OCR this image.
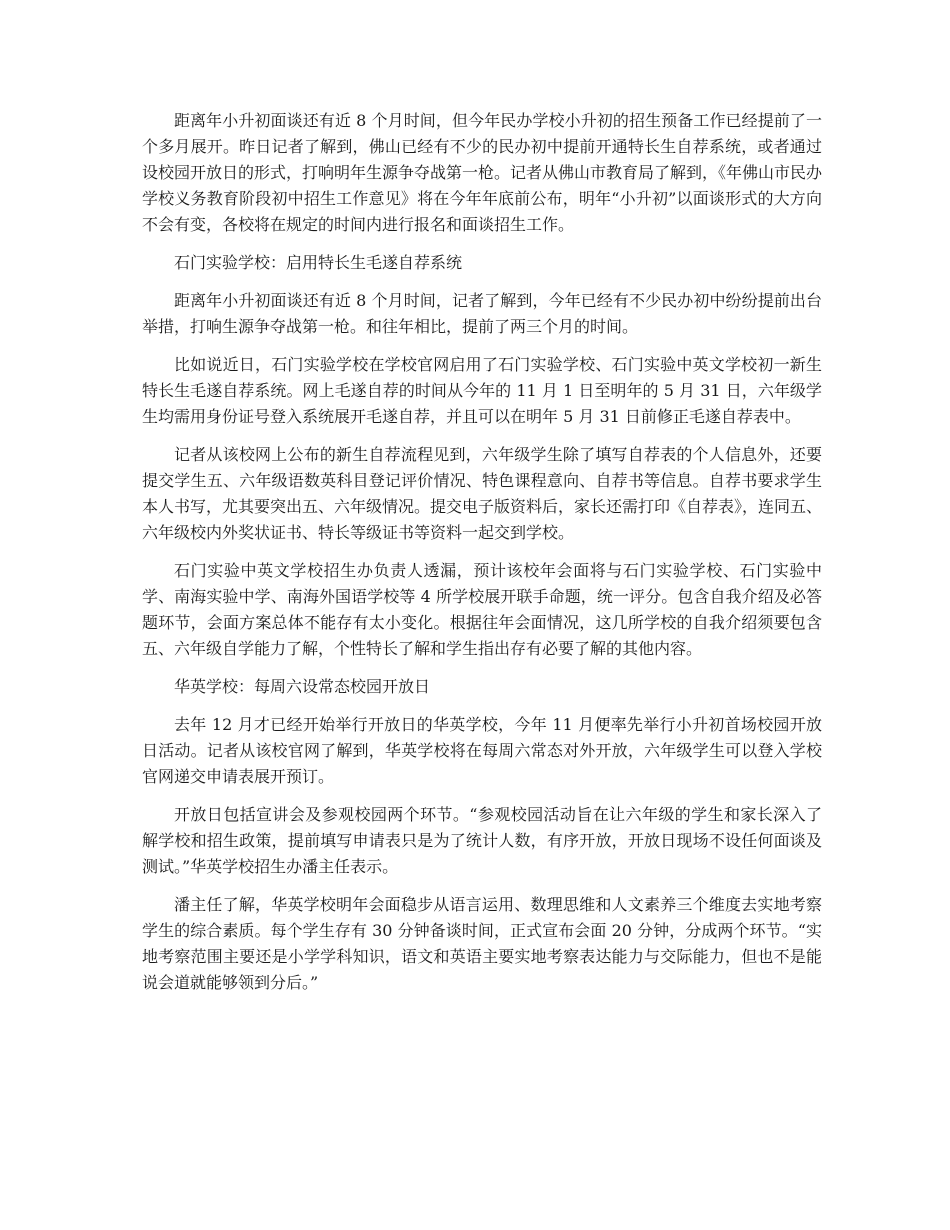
距离年小升初面谈还有近 8 个月时间，但今年民办学校小升初的招生预备工作已经提前了一个多月展开。昨日记者了解到，佛山已经有不少的民办初中提前开通特长生自荐系统，或者通过设校园开放日的形式，打响明年生源争夺战第一枪。记者从佛山市教育局了解到，《年佛山市民办学校义务教育阶段初中招生工作意见》将在今年年底前公布，明年“小升初”以面谈形式的大方向不会有变，各校将在规定的时间内进行报名和面谈招生工作。

石门实验学校：启用特长生毛遂自荐系统

距离年小升初面谈还有近 8 个月时间，记者了解到，今年已经有不少民办初中纷纷提前出台举措，打响生源争夺战第一枪。和往年相比，提前了两三个月的时间。

比如说近日，石门实验学校在学校官网启用了石门实验学校、石门实验中英文学校初一新生特长生毛遂自荐系统。网上毛遂自荐的时间从今年的 11 月 1 日至明年的 5 月 31 日，六年级学生均需用身份证号登入系统展开毛遂自荐，并且可以在明年 5 月 31 日前修正毛遂自荐表中。

记者从该校网上公布的新生自荐流程见到，六年级学生除了填写自荐表的个人信息外，还要提交学生五、六年级语数英科目登记评价情况、特色课程意向、自荐书等信息。自荐书要求学生本人书写，尤其要突出五、六年级情况。提交电子版资料后，家长还需打印《自荐表》，连同五、六年级校内外奖状证书、特长等级证书等资料一起交到学校。

石门实验中英文学校招生办负责人透漏，预计该校年会面将与石门实验学校、石门实验中学、南海实验中学、南海外国语学校等 4 所学校展开联手命题，统一评分。包含自我介绍及必答题环节，会面方案总体不能存有太小变化。根据往年会面情况，这几所学校的自我介绍须要包含五、六年级自学能力了解，个性特长了解和学生指出存有必要了解的其他内容。

华英学校：每周六设常态校园开放日

去年 12 月才已经开始举行开放日的华英学校，今年 11 月便率先举行小升初首场校园开放日活动。记者从该校官网了解到，华英学校将在每周六常态对外开放，六年级学生可以登入学校官网递交申请表展开预订。

开放日包括宣讲会及参观校园两个环节。“参观校园活动旨在让六年级的学生和家长深入了解学校和招生政策，提前填写申请表只是为了统计人数，有序开放，开放日现场不设任何面谈及测试。”华英学校招生办潘主任表示。

潘主任了解，华英学校明年会面稳步从语言运用、数理思维和人文素养三个维度去实地考察学生的综合素质。每个学生存有 30 分钟备谈时间，正式宣布会面 20 分钟，分成两个环节。“实地考察范围主要还是小学学科知识，语文和英语主要实地考察表达能力与交际能力，但也不是能说会道就能够领到分后。”
